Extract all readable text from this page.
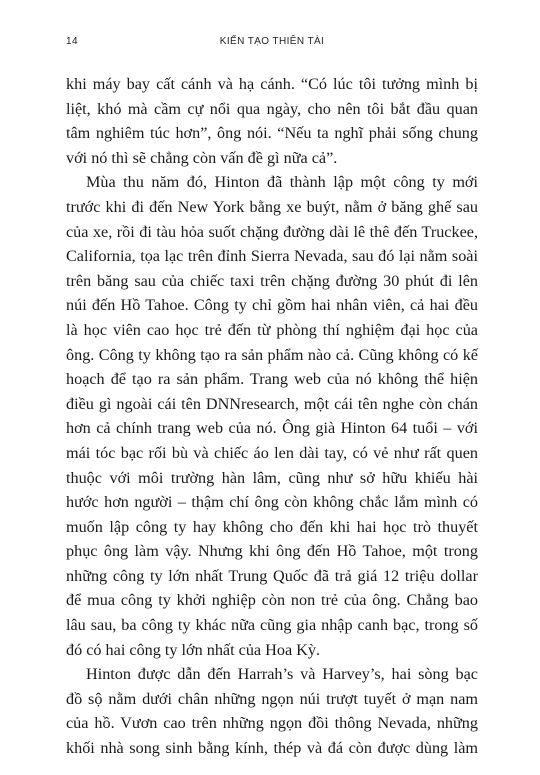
14	KIẾN TẠO THIÊN TÀI

khi máy bay cất cánh và hạ cánh. “Có lúc tôi tưởng mình bị
liệt, khó mà cầm cự nổi qua ngày, cho nên tôi bắt đầu quan
tâm nghiêm túc hơn”, ông nói. “Nếu ta nghĩ phải sống chung
với nó thì sẽ chẳng còn vấn đề gì nữa cả”.

Mùa thu năm đó, Hinton đã thành lập một công ty mới
trước khi đi đến New York bằng xe buýt, nằm ở băng ghế sau
của xe, rồi đi tàu hỏa suốt chặng đường dài lê thê đến Truckee,
California, tọa lạc trên đỉnh Sierra Nevada, sau đó lại nằm soài
trên băng sau của chiếc taxi trên chặng đường 30 phút đi lên
núi đến Hồ Tahoe. Công ty chỉ gồm hai nhân viên, cả hai đều
là học viên cao học trẻ đến từ phòng thí nghiệm đại học của
ông. Công ty không tạo ra sản phẩm nào cả. Cũng không có kế
hoạch để tạo ra sản phẩm. Trang web của nó không thể hiện
điều gì ngoài cái tên DNNresearch, một cái tên nghe còn chán
hơn cả chính trang web của nó. Ông già Hinton 64 tuổi – với
mái tóc bạc rối bù và chiếc áo len dài tay, có vẻ như rất quen
thuộc với môi trường hàn lâm, cũng như sở hữu khiếu hài
hước hơn người – thậm chí ông còn không chắc lắm mình có
muốn lập công ty hay không cho đến khi hai học trò thuyết
phục ông làm vậy. Nhưng khi ông đến Hồ Tahoe, một trong
những công ty lớn nhất Trung Quốc đã trả giá 12 triệu dollar
để mua công ty khởi nghiệp còn non trẻ của ông. Chẳng bao
lâu sau, ba công ty khác nữa cũng gia nhập canh bạc, trong số
đó có hai công ty lớn nhất của Hoa Kỳ.

Hinton được dẫn đến Harrah’s và Harvey’s, hai sòng bạc
đồ sộ nằm dưới chân những ngọn núi trượt tuyết ở mạn nam
của hồ. Vươn cao trên những ngọn đồi thông Nevada, những
khối nhà song sinh bằng kính, thép và đá còn được dùng làm
